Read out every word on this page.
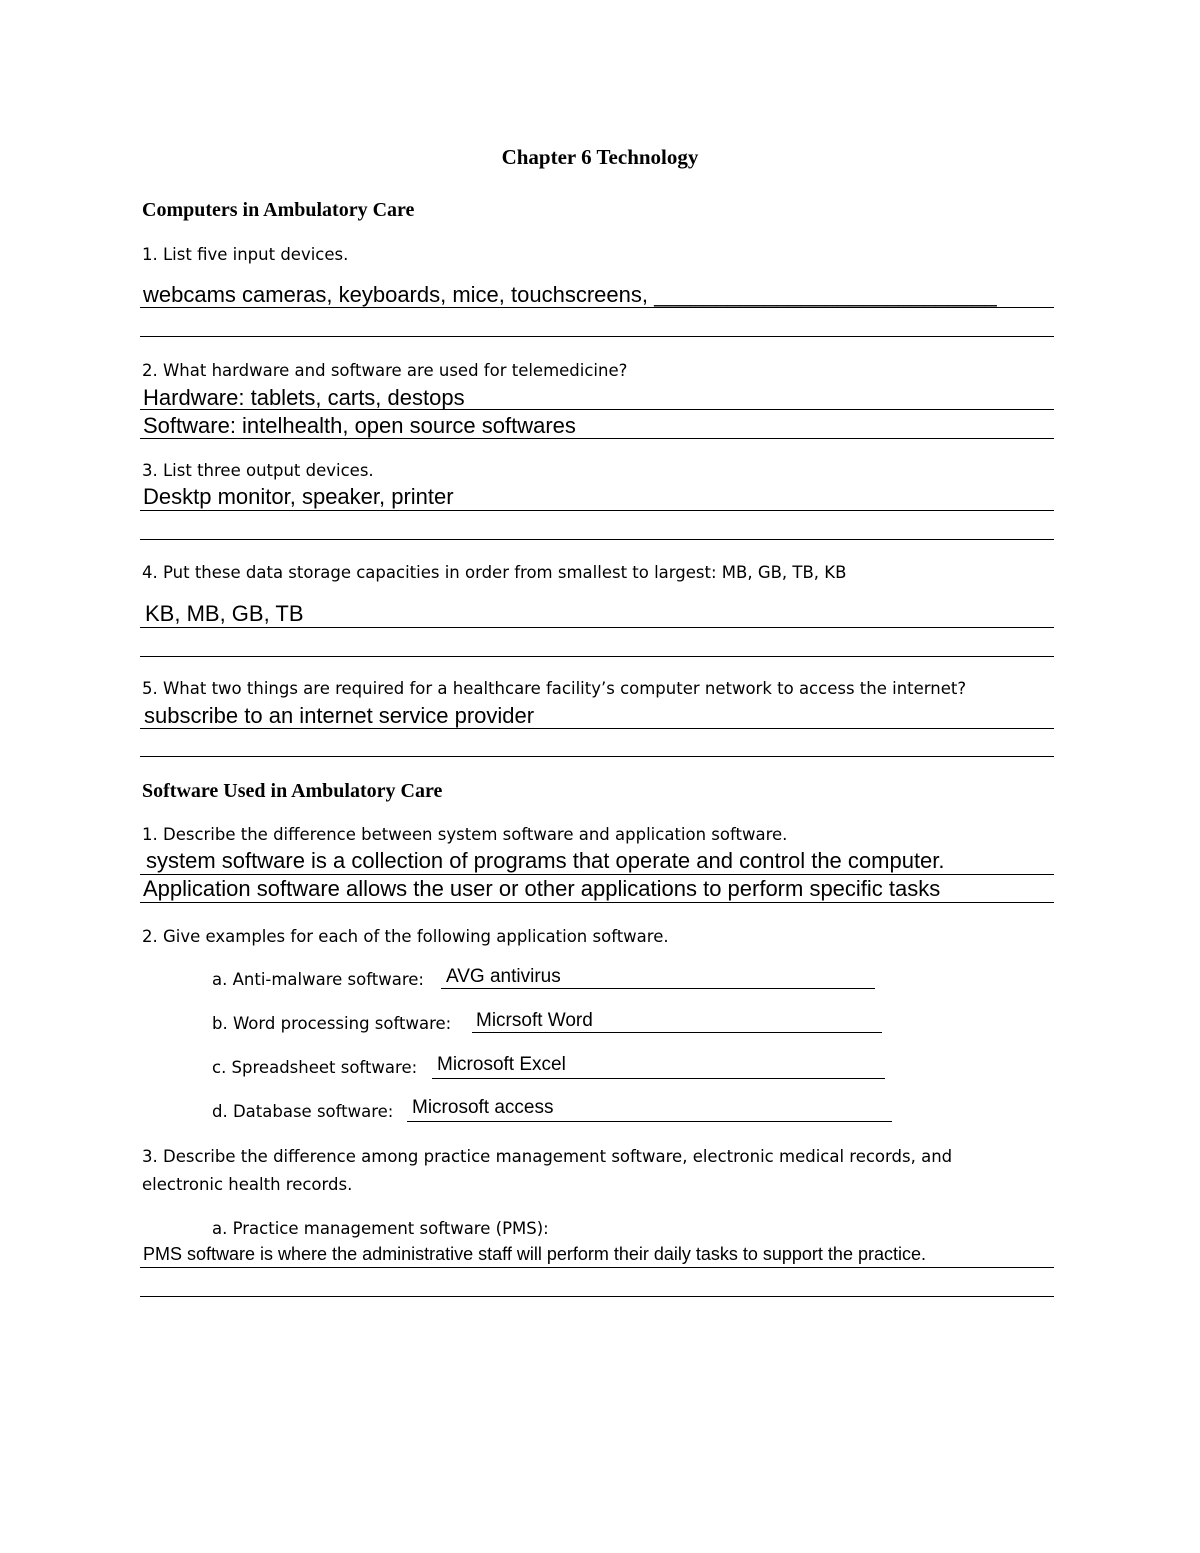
Chapter 6 Technology
Computers in Ambulatory Care
1. List five input devices.
webcams cameras, keyboards, mice, touchscreens, ____________________________
2. What hardware and software are used for telemedicine?
Hardware: tablets, carts, destops
Software: intelhealth, open source softwares
3. List three output devices.
Desktp monitor, speaker, printer
4. Put these data storage capacities in order from smallest to largest: MB, GB, TB, KB
KB, MB, GB, TB
5. What two things are required for a healthcare facility’s computer network to access the internet?
subscribe to an internet service provider
Software Used in Ambulatory Care
1. Describe the difference between system software and application software.
system software is a collection of programs that operate and control the computer.
Application software allows the user or other applications to perform specific tasks
2. Give examples for each of the following application software.
a. Anti-malware software: AVG antivirus
b. Word processing software: Micrsoft Word
c. Spreadsheet software: Microsoft Excel
d. Database software: Microsoft access
3. Describe the difference among practice management software, electronic medical records, and
electronic health records.
a. Practice management software (PMS):
PMS software is where the administrative staff will perform their daily tasks to support the practice.
